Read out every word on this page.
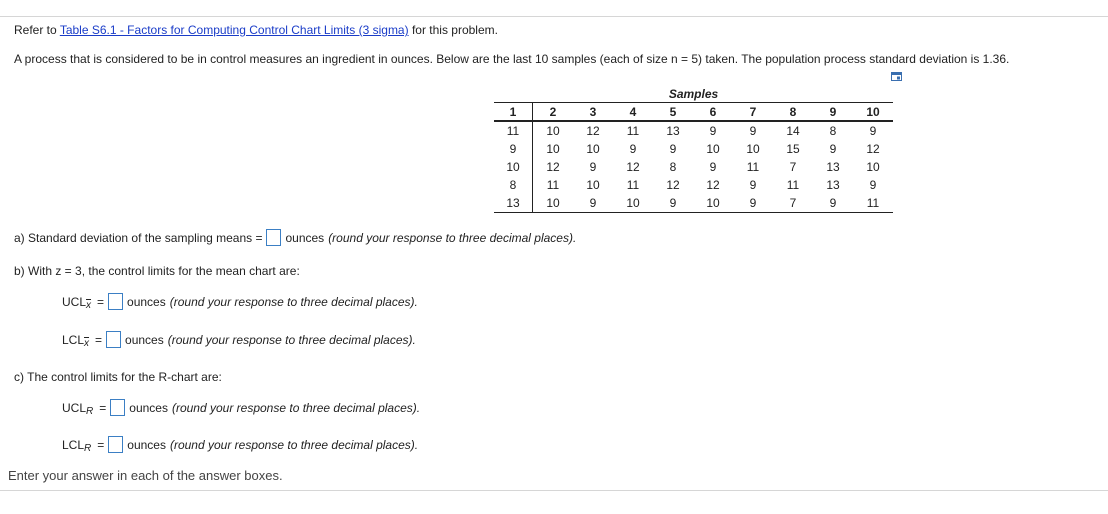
Refer to Table S6.1 - Factors for Computing Control Chart Limits (3 sigma) for this problem.
A process that is considered to be in control measures an ingredient in ounces. Below are the last 10 samples (each of size n = 5) taken. The population process standard deviation is 1.36.
Samples									
1	2	3	4	5	6	7	8	9	10
11	10	12	11	13	9	9	14	8	9
9	10	10	9	9	10	10	15	9	12
10	12	9	12	8	9	11	7	13	10
8	11	10	11	12	12	9	11	13	9
13	10	9	10	9	10	9	7	9	11
a) Standard deviation of the sampling means = ounces (round your response to three decimal places).
b) With z = 3, the control limits for the mean chart are:
UCL $\overline{x}$ = ounces (round your response to three decimal places).
LCL $\overline{x}$ = ounces (round your response to three decimal places).
c) The control limits for the R-chart are:
UCL R = ounces (round your response to three decimal places).
LCL R = ounces (round your response to three decimal places).
Enter your answer in each of the answer boxes.
